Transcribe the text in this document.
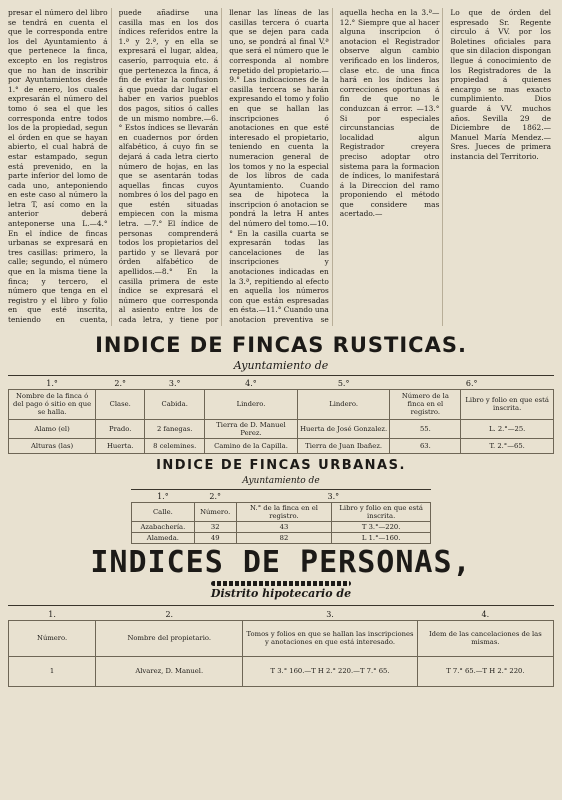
presar el número del libro se tendrá en cuenta el que le corresponda entre los del Ayuntamiento á que pertenece la finca, excepto en los registros que no han de inscribir por Ayuntamientos desde 1.° de enero, los cuales expresarán el número del tomo ó sea el que les corresponda entre todos los de la propiedad, segun el órden en que se hayan abierto, el cual habrá de estar estampado, segun está prevenido, en la parte inferior del lomo de cada uno, anteponiendo en este caso al número la letra T, así como en la anterior deberá anteponerse una L.—4.° En el índice de fincas urbanas se expresará en tres casillas: primero, la calle; segundo, el número que en la misma tiene la finca; y tercero, el número que tenga en el registro y el libro y folio en que esté inscrita, teniendo en cuenta,

puede añadirse una casilla mas en los dos índices referidos entre la 1.ª y 2.ª, y en ella se expresará el lugar, aldea, caserío, parroquia etc. á que pertenezca la finca, á fin de evitar la confusion á que pueda dar lugar el haber en varios pueblos dos pagos, sitios ó calles de un mismo nombre.—6.° Estos índices se llevarán en cuadernos por órden alfabético, á cuyo fin se dejará á cada letra cierto número de hojas, en las que se asentarán todas aquellas fincas cuyos nombres ó los del pago en que estén situadas empiecen con la misma letra. —7.° El índice de personas comprenderá todos los propietarios del partido y se llevará por órden alfabético de apellidos.—8.° En la casilla primera de este índice se expresará el número que corresponda al asiento entre los de cada letra, y tiene por

llenar las líneas de las casillas tercera ó cuarta que se dejen para cada uno, se pondrá al final V.ª que será el número que le corresponda al nombre repetido del propietario.—9.° Las indicaciones de la casilla tercera se harán expresando el tomo y folio en que se hallan las inscripciones ó anotaciones en que esté interesado el propietario, teniendo en cuenta la numeracion general de los tomos y no la especial de los libros de cada Ayuntamiento. Cuando sea de hipoteca la inscripcion ó anotacion se pondrá la letra H antes del número del tomo.—10.° En la casilla cuarta se expresarán todas las cancelaciones de las inscripciones y anotaciones indicadas en la 3.ª, repitiendo al efecto en aquella los números con que están espresadas en ésta.—11.° Cuando una anotacion preventiva se

aquella hecha en la 3.ª—12.° Siempre que al hacer alguna inscripcion ó anotacion el Registrador observe algun cambio verificado en los linderos, clase etc. de una finca hará en los índices las correcciones oportunas á fin de que no le conduzcan á error. —13.° Si por especiales circunstancias de localidad algun Registrador creyera preciso adoptar otro sistema para la formacion de índices, lo manifestará á la Direccion del ramo proponiendo el método que considere mas acertado.—

Lo que de órden del espresado Sr. Regente circulo á VV. por los Boletines oficiales para que sin dilacion dispongan llegue á conocimiento de los Registradores de la propiedad á quienes encargo se mas exacto cumplimiento. Dios guarde á VV. muchos años. Sevilla 29 de Diciembre de 1862.—Manuel María Mendez.—Sres. Jueces de primera instancia del Territorio.

INDICE DE FINCAS RUSTICAS.
Ayuntamiento de
1.°	2.°	3.°	4.°	5.°	6.°	
Nombre de la finca ó del pago ó sitio en que se halla.	Clase.	Cabida.	Lindero.	Lindero.	Número de la finca en el registro.	Libro y folio en que está inscrita.
Alamo (el)	Prado.	2 fanegas.	Tierra de D. Manuel Perez.	Huerta de José Gonzalez.	55.	L. 2.°—25.
Alturas (las)	Huerta.	8 celemines.	Camino de la Capilla.	Tierra de Juan Ibañez.	63.	T. 2.°—65.
INDICE DE FINCAS URBANAS.
Ayuntamiento de
1.°	2.°	3.°	
Calle.	Número.	N.° de la finca en el registro.	Libro y folio en que está inscrita.
Azabachería.	32	43	T 3.°—220.
Alameda.	49	82	L 1.°—160.
INDICES DE PERSONAS,
Distrito hipotecario de
1.	2.	3.	4.
Número.	Nombre del propietario.	Tomos y folios en que se hallan las inscripciones y anotaciones en que está interesado.	Idem de las cancelaciones de las mismas.
1	Alvarez, D. Manuel.	T 3.° 160.—T H 2.° 220.—T 7.° 65.	T 7.° 65.—T H 2.° 220.
